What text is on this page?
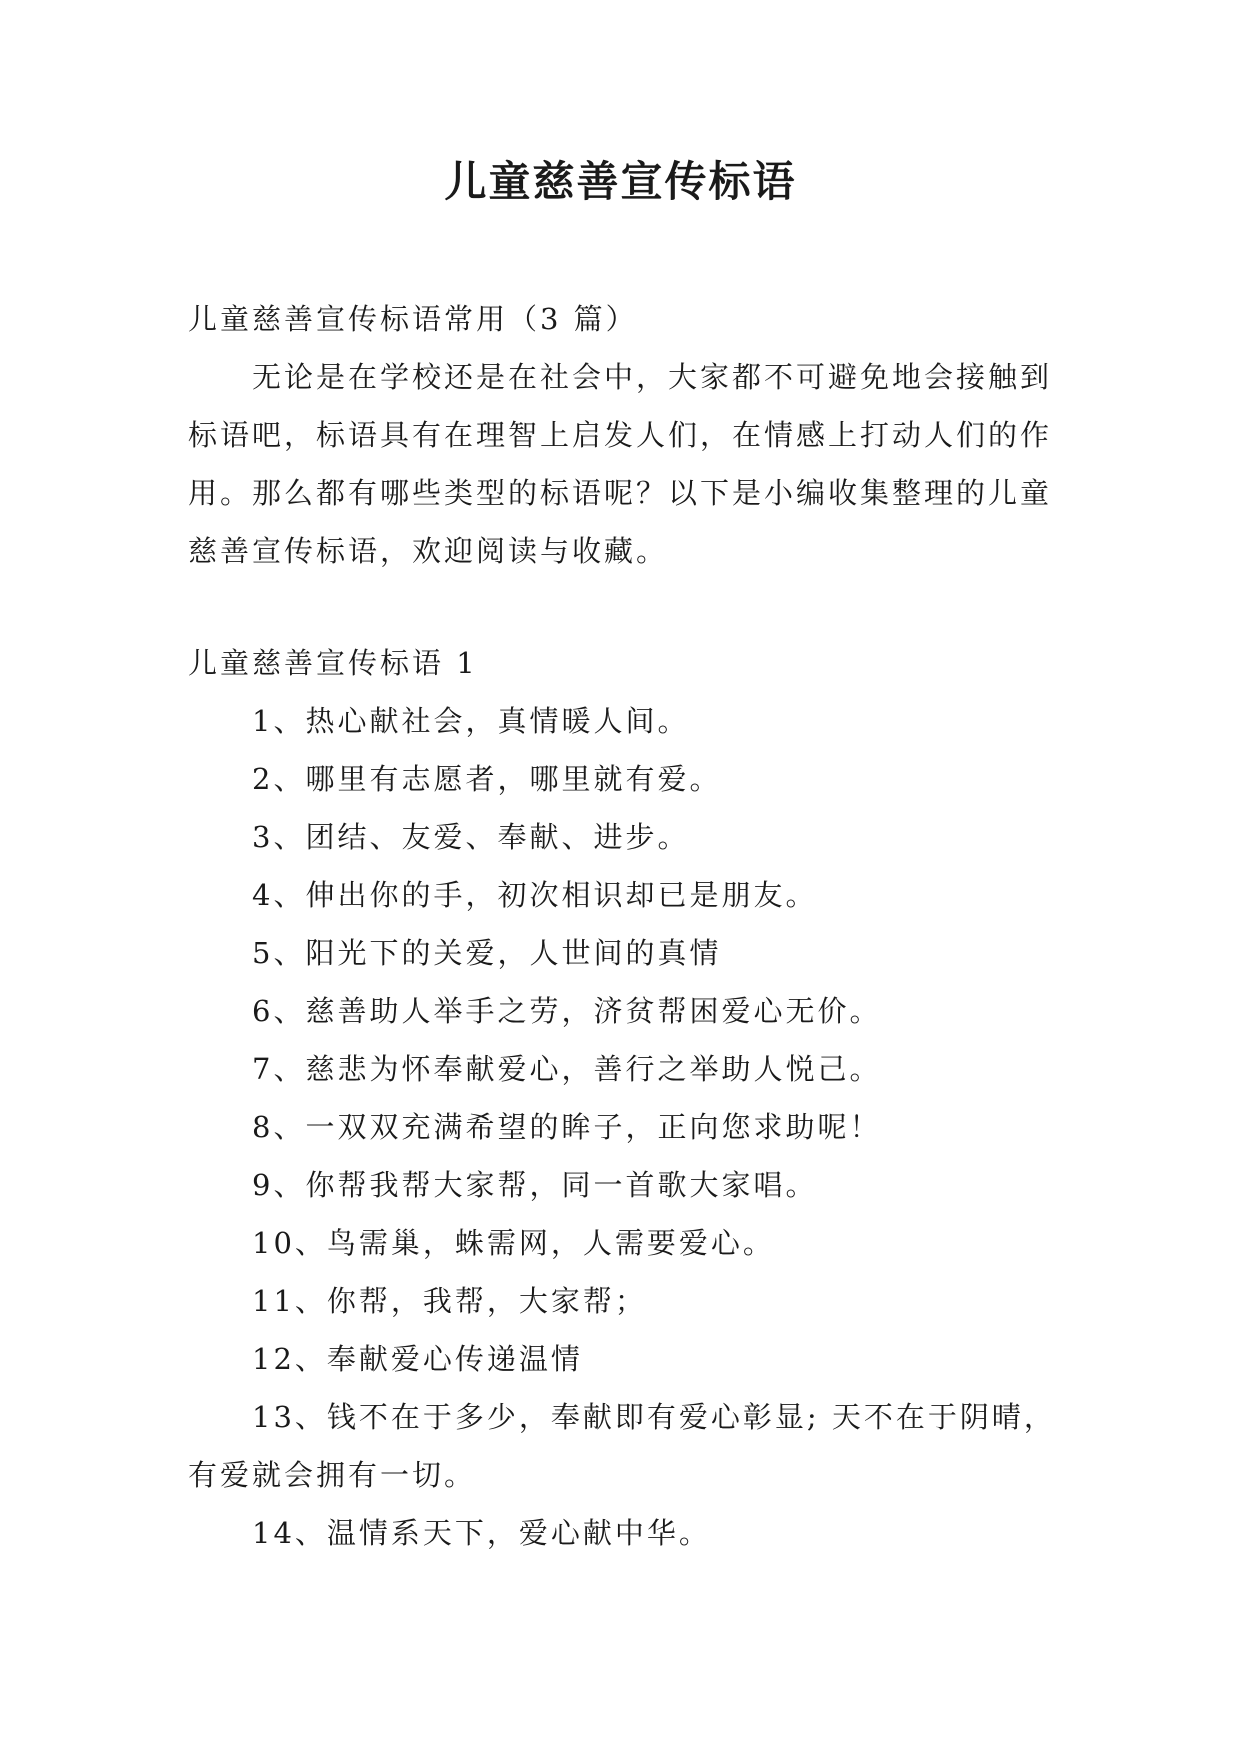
儿童慈善宣传标语

儿童慈善宣传标语常用（3 篇）

无论是在学校还是在社会中，大家都不可避免地会接触到标语吧，标语具有在理智上启发人们，在情感上打动人们的作用。那么都有哪些类型的标语呢？以下是小编收集整理的儿童慈善宣传标语，欢迎阅读与收藏。

儿童慈善宣传标语 1

1、热心献社会，真情暖人间。
2、哪里有志愿者，哪里就有爱。
3、团结、友爱、奉献、进步。
4、伸出你的手，初次相识却已是朋友。
5、阳光下的关爱，人世间的真情
6、慈善助人举手之劳，济贫帮困爱心无价。
7、慈悲为怀奉献爱心，善行之举助人悦己。
8、一双双充满希望的眸子，正向您求助呢！
9、你帮我帮大家帮，同一首歌大家唱。
10、鸟需巢，蛛需网，人需要爱心。
11、你帮，我帮，大家帮；
12、奉献爱心传递温情
13、钱不在于多少，奉献即有爱心彰显; 天不在于阴晴，有爱就会拥有一切。
14、温情系天下，爱心献中华。
